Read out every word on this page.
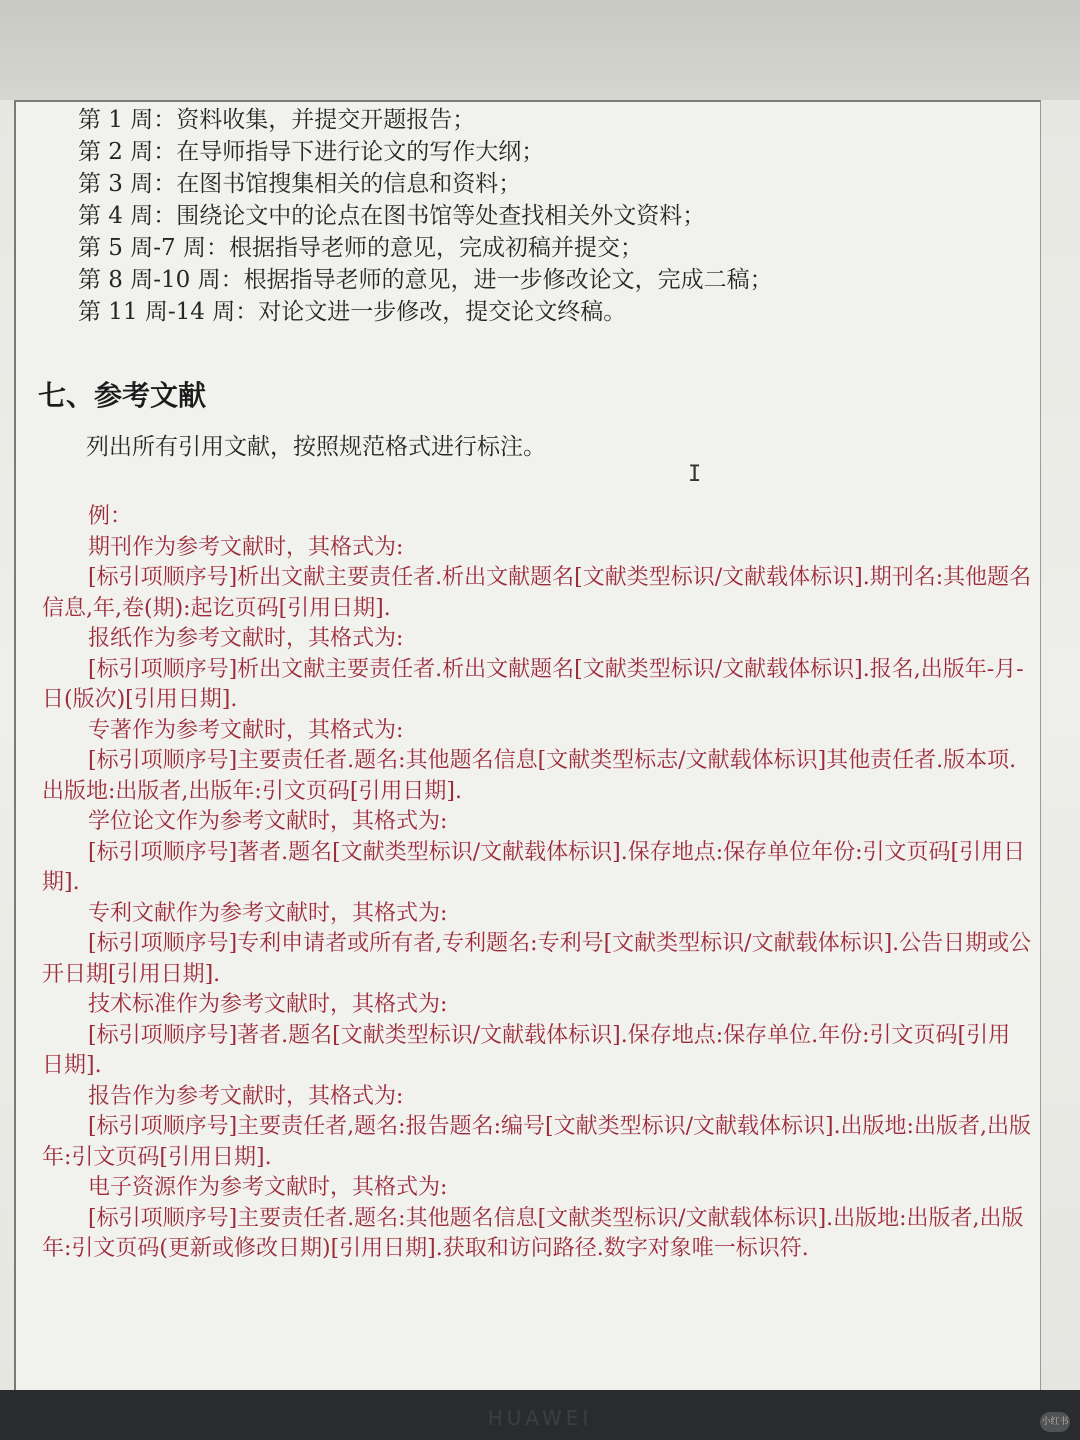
第 1 周：资料收集，并提交开题报告；
第 2 周：在导师指导下进行论文的写作大纲；
第 3 周：在图书馆搜集相关的信息和资料；
第 4 周：围绕论文中的论点在图书馆等处查找相关外文资料；
第 5 周-7 周：根据指导老师的意见，完成初稿并提交；
第 8 周-10 周：根据指导老师的意见，进一步修改论文，完成二稿；
第 11 周-14 周：对论文进一步修改，提交论文终稿。
七、参考文献
列出所有引用文献，按照规范格式进行标注。
I
例：
期刊作为参考文献时，其格式为:
[标引项顺序号]析出文献主要责任者.析出文献题名[文献类型标识/文献载体标识].期刊名:其他题名信息,年,卷(期):起讫页码[引用日期].
报纸作为参考文献时，其格式为:
[标引项顺序号]析出文献主要责任者.析出文献题名[文献类型标识/文献载体标识].报名,出版年-月-日(版次)[引用日期].
专著作为参考文献时，其格式为:
[标引项顺序号]主要责任者.题名:其他题名信息[文献类型标志/文献载体标识]其他责任者.版本项.出版地:出版者,出版年:引文页码[引用日期].
学位论文作为参考文献时，其格式为:
[标引项顺序号]著者.题名[文献类型标识/文献载体标识].保存地点:保存单位年份:引文页码[引用日期].
专利文献作为参考文献时，其格式为:
[标引项顺序号]专利申请者或所有者,专利题名:专利号[文献类型标识/文献载体标识].公告日期或公开日期[引用日期].
技术标准作为参考文献时，其格式为:
[标引项顺序号]著者.题名[文献类型标识/文献载体标识].保存地点:保存单位.年份:引文页码[引用日期].
报告作为参考文献时，其格式为:
[标引项顺序号]主要责任者,题名:报告题名:编号[文献类型标识/文献载体标识].出版地:出版者,出版年:引文页码[引用日期].
电子资源作为参考文献时，其格式为:
[标引项顺序号]主要责任者.题名:其他题名信息[文献类型标识/文献载体标识].出版地:出版者,出版年:引文页码(更新或修改日期)[引用日期].获取和访问路径.数字对象唯一标识符.
HUAWEI	小红书
